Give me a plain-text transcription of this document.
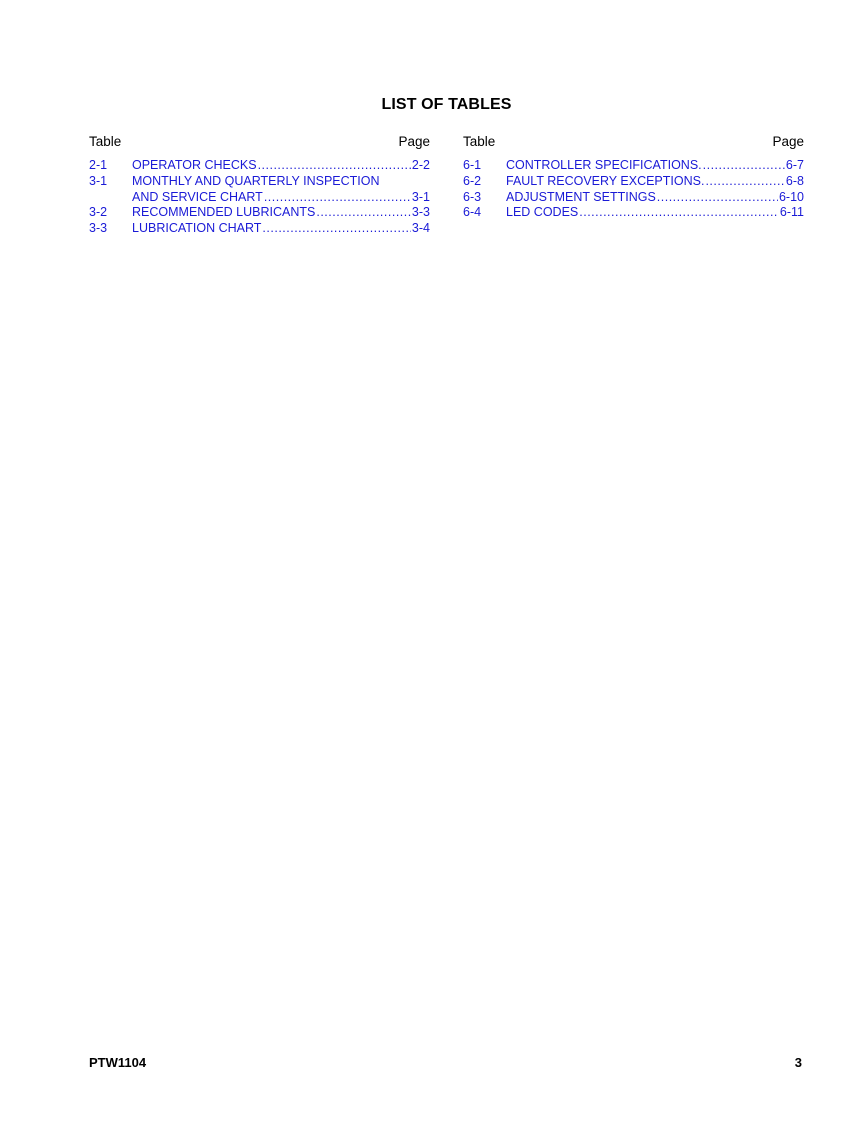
LIST OF TABLES
Table	Page
2-1	OPERATOR CHECKS .....	2-2
3-1	MONTHLY AND QUARTERLY INSPECTION
AND SERVICE CHART .....	3-1
3-2	RECOMMENDED LUBRICANTS .....	3-3
3-3	LUBRICATION CHART .....	3-4
Table	Page
6-1	CONTROLLER SPECIFICATIONS. .....	6-7
6-2	FAULT RECOVERY EXCEPTIONS. .....	6-8
6-3	ADJUSTMENT SETTINGS .....	6-10
6-4	LED CODES .....	6-11
PTW1104	3
